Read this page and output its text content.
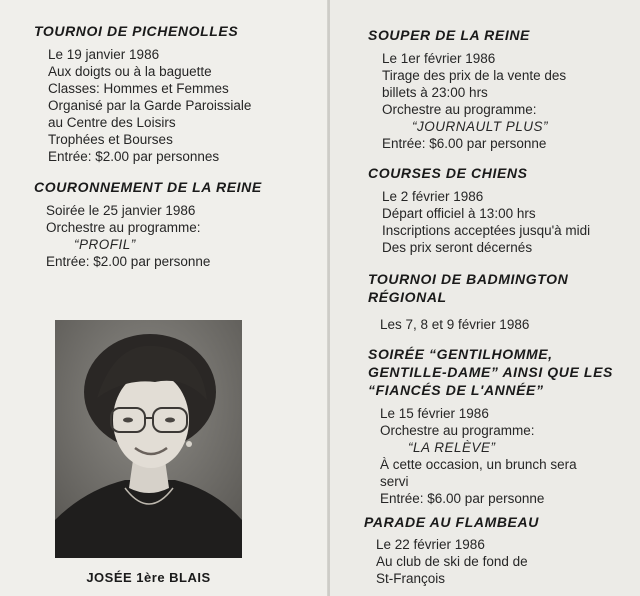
TOURNOI DE PICHENOLLES
Le 19 janvier 1986
Aux doigts ou à la baguette
Classes: Hommes et Femmes
Organisé par la Garde Paroissiale
au Centre des Loisirs
Trophées et Bourses
Entrée: $2.00 par personnes
COURONNEMENT DE LA REINE
Soirée le 25 janvier 1986
Orchestre au programme:
“PROFIL”
Entrée: $2.00 par personne
JOSÉE 1ère BLAIS
SOUPER DE LA REINE
Le 1er février 1986
Tirage des prix de la vente des
billets à 23:00 hrs
Orchestre au programme:
“JOURNAULT PLUS”
Entrée: $6.00 par personne
COURSES DE CHIENS
Le 2 février 1986
Départ officiel à 13:00 hrs
Inscriptions acceptées jusqu'à midi
Des prix seront décernés
TOURNOI DE BADMINGTON
RÉGIONAL
Les 7, 8 et 9 février 1986
SOIRÉE “GENTILHOMME,
GENTILLE-DAME” AINSI QUE LES
“FIANCÉS DE L'ANNÉE”
Le 15 février 1986
Orchestre au programme:
“LA RELÈVE”
À cette occasion, un brunch sera
servi
Entrée: $6.00 par personne
PARADE AU FLAMBEAU
Le 22 février 1986
Au club de ski de fond de
St-François
